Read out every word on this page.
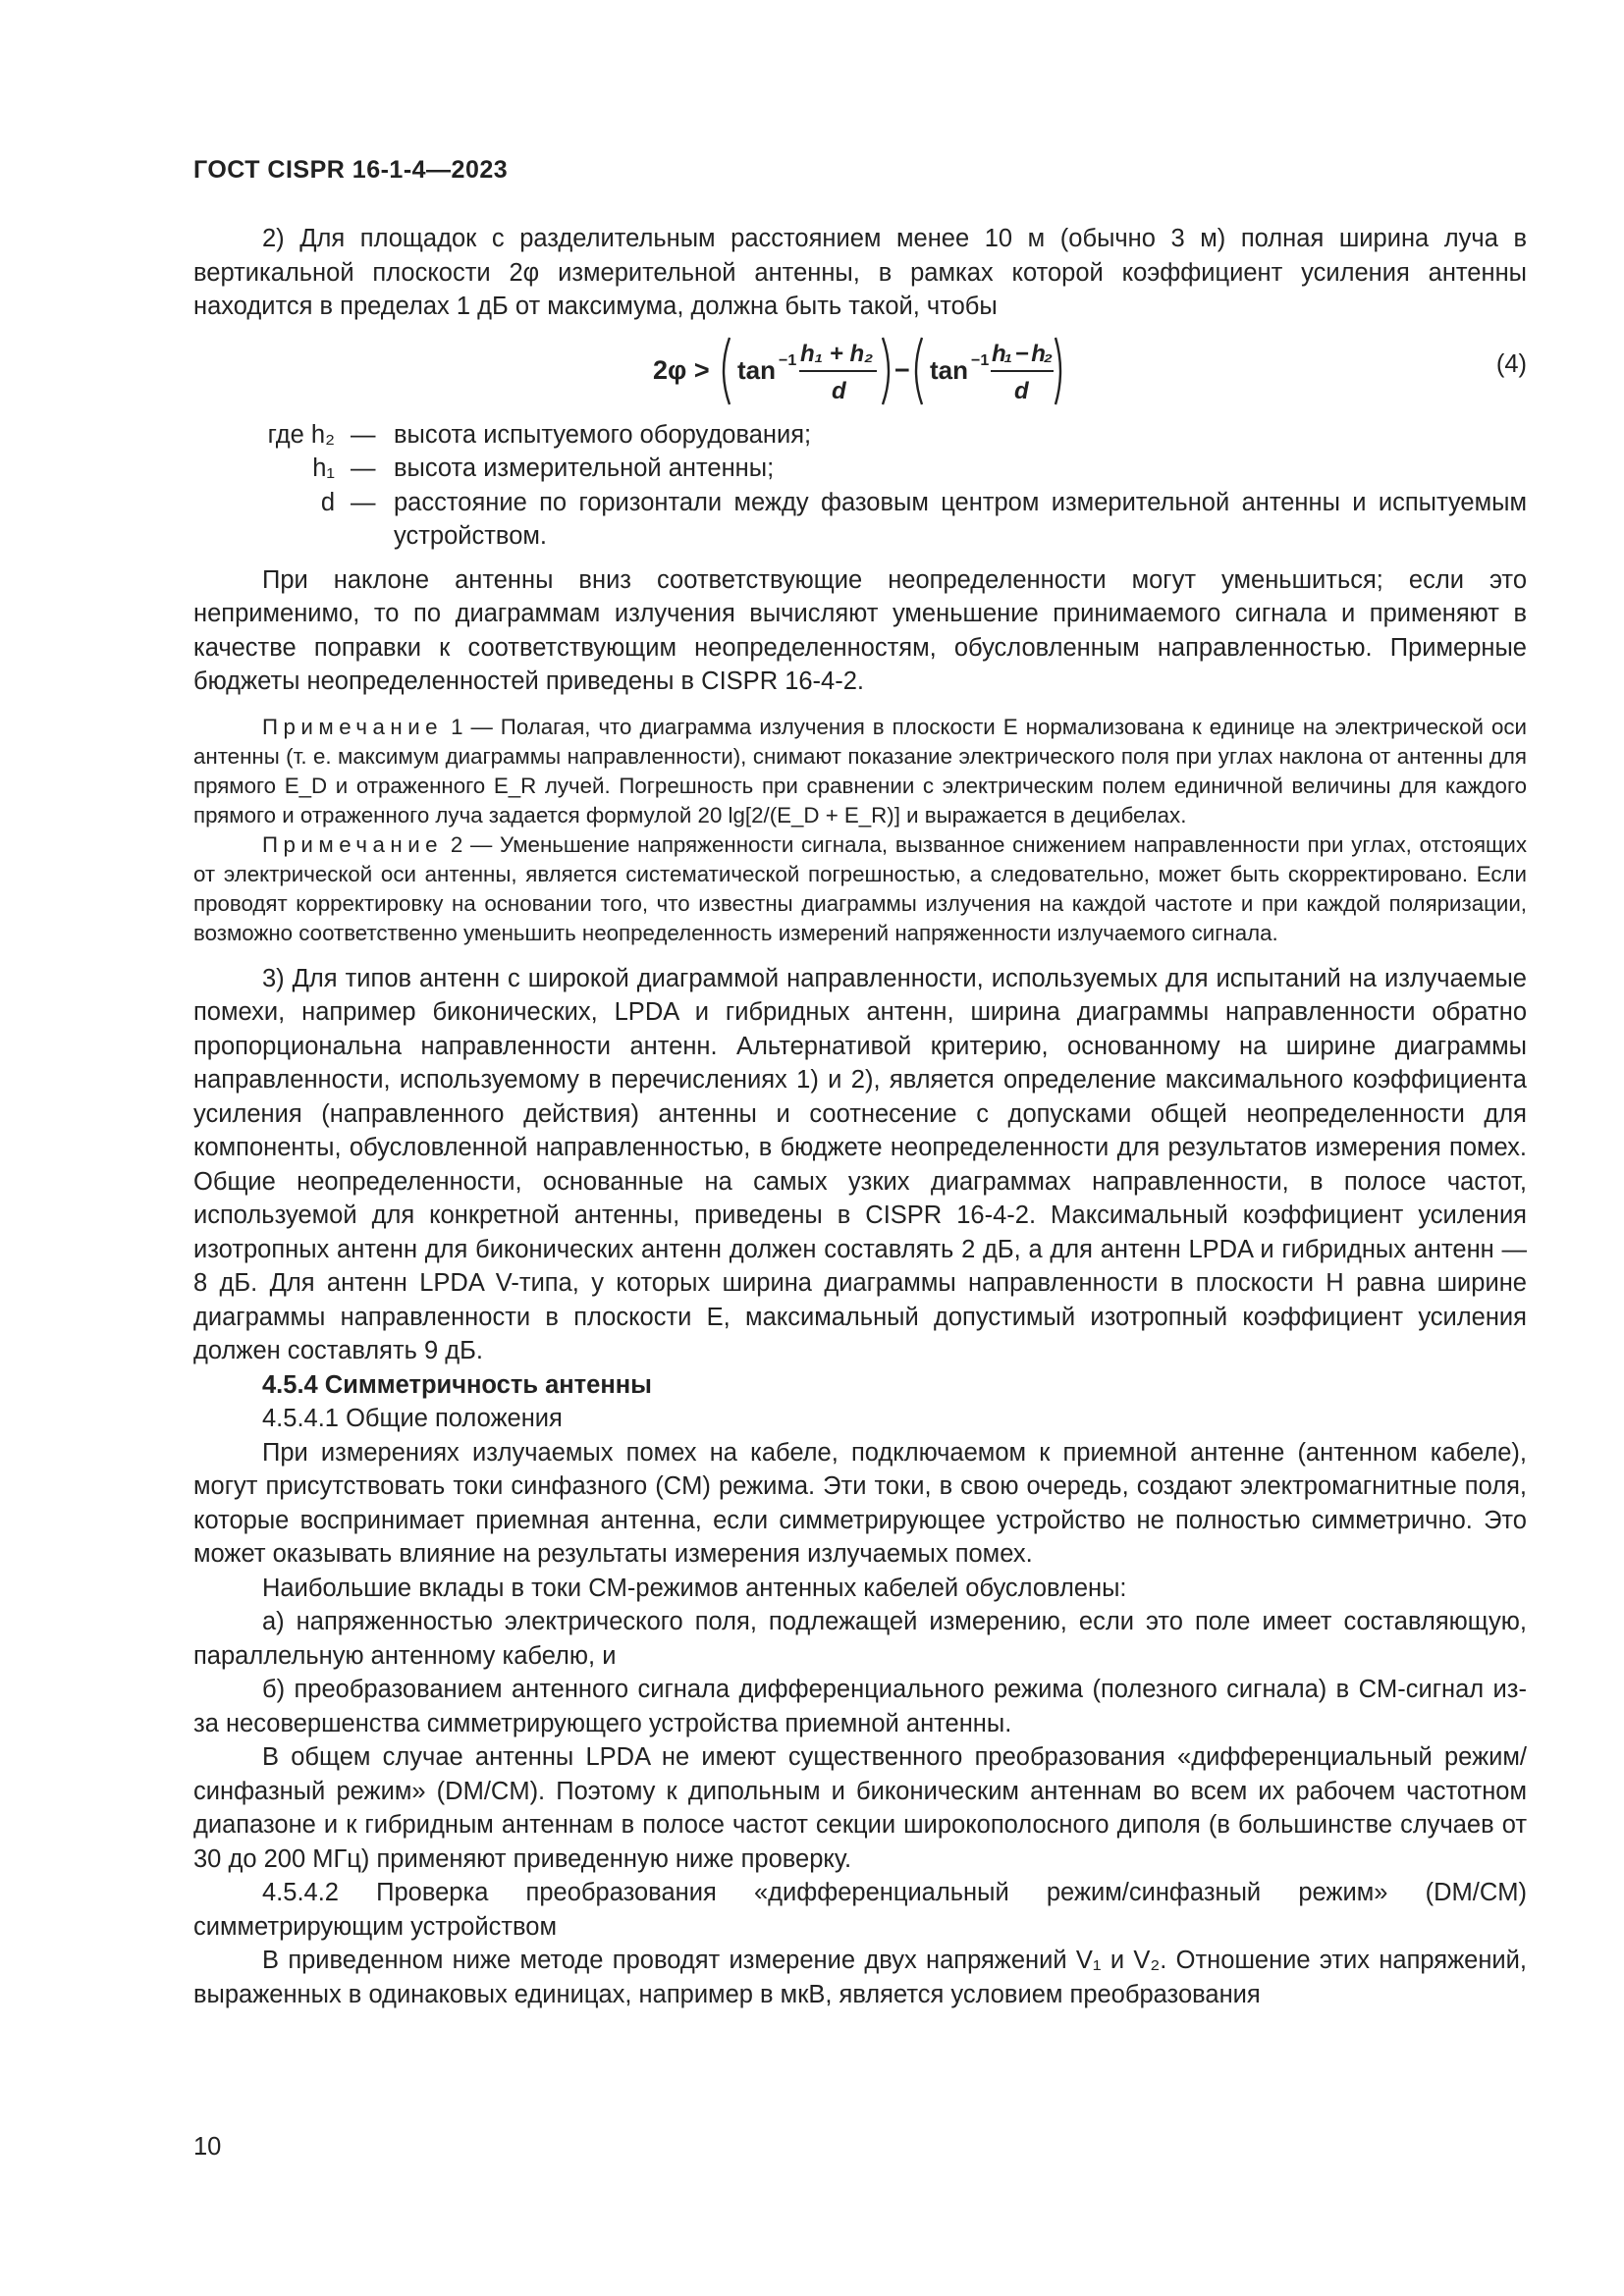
ГОСТ CISPR 16-1-4—2023

2) Для площадок с разделительным расстоянием менее 10 м (обычно 3 м) полная ширина луча в вертикальной плоскости 2φ измерительной антенны, в рамках которой коэффициент усиления антенны находится в пределах 1 дБ от максимума, должна быть такой, чтобы

2φ > tan −1 h₁ + h₂
d
− tan −1 h₁ − h₂
d
(4)
где h₂ — высота испытуемого оборудования;
h₁ — высота измерительной антенны;
d — расстояние по горизонтали между фазовым центром измерительной антенны и испытуемым устройством.

При наклоне антенны вниз соответствующие неопределенности могут уменьшиться; если это неприменимо, то по диаграммам излучения вычисляют уменьшение принимаемого сигнала и применяют в качестве поправки к соответствующим неопределенностям, обусловленным направленностью. Примерные бюджеты неопределенностей приведены в CISPR 16-4-2.

Примечание 1 — Полагая, что диаграмма излучения в плоскости E нормализована к единице на электрической оси антенны (т. е. максимум диаграммы направленности), снимают показание электрического поля при углах наклона от антенны для прямого E_D и отраженного E_R лучей. Погрешность при сравнении с электрическим полем единичной величины для каждого прямого и отраженного луча задается формулой 20 lg[2/(E_D + E_R)] и выражается в децибелах.

Примечание 2 — Уменьшение напряженности сигнала, вызванное снижением направленности при углах, отстоящих от электрической оси антенны, является систематической погрешностью, а следовательно, может быть скорректировано. Если проводят корректировку на основании того, что известны диаграммы излучения на каждой частоте и при каждой поляризации, возможно соответственно уменьшить неопределенность измерений напряженности излучаемого сигнала.

3) Для типов антенн с широкой диаграммой направленности, используемых для испытаний на излучаемые помехи, например биконических, LPDA и гибридных антенн, ширина диаграммы направленности обратно пропорциональна направленности антенн. Альтернативой критерию, основанному на ширине диаграммы направленности, используемому в перечислениях 1) и 2), является определение максимального коэффициента усиления (направленного действия) антенны и соотнесение с допусками общей неопределенности для компоненты, обусловленной направленностью, в бюджете неопределенности для результатов измерения помех. Общие неопределенности, основанные на самых узких диаграммах направленности, в полосе частот, используемой для конкретной антенны, приведены в CISPR 16-4-2. Максимальный коэффициент усиления изотропных антенн для биконических антенн должен составлять 2 дБ, а для антенн LPDA и гибридных антенн — 8 дБ. Для антенн LPDA V-типа, у которых ширина диаграммы направленности в плоскости H равна ширине диаграммы направленности в плоскости E, максимальный допустимый изотропный коэффициент усиления должен составлять 9 дБ.

4.5.4 Симметричность антенны

4.5.4.1 Общие положения

При измерениях излучаемых помех на кабеле, подключаемом к приемной антенне (антенном кабеле), могут присутствовать токи синфазного (CM) режима. Эти токи, в свою очередь, создают электромагнитные поля, которые воспринимает приемная антенна, если симметрирующее устройство не полностью симметрично. Это может оказывать влияние на результаты измерения излучаемых помех.

Наибольшие вклады в токи CM-режимов антенных кабелей обусловлены:

а) напряженностью электрического поля, подлежащей измерению, если это поле имеет составляющую, параллельную антенному кабелю, и

б) преобразованием антенного сигнала дифференциального режима (полезного сигнала) в CM-сигнал из-за несовершенства симметрирующего устройства приемной антенны.

В общем случае антенны LPDA не имеют существенного преобразования «дифференциальный режим/синфазный режим» (DM/CM). Поэтому к дипольным и биконическим антеннам во всем их рабочем частотном диапазоне и к гибридным антеннам в полосе частот секции широкополосного диполя (в большинстве случаев от 30 до 200 МГц) применяют приведенную ниже проверку.

4.5.4.2 Проверка преобразования «дифференциальный режим/синфазный режим» (DM/CM) симметрирующим устройством

В приведенном ниже методе проводят измерение двух напряжений V₁ и V₂. Отношение этих напряжений, выраженных в одинаковых единицах, например в мкВ, является условием преобразования

10
